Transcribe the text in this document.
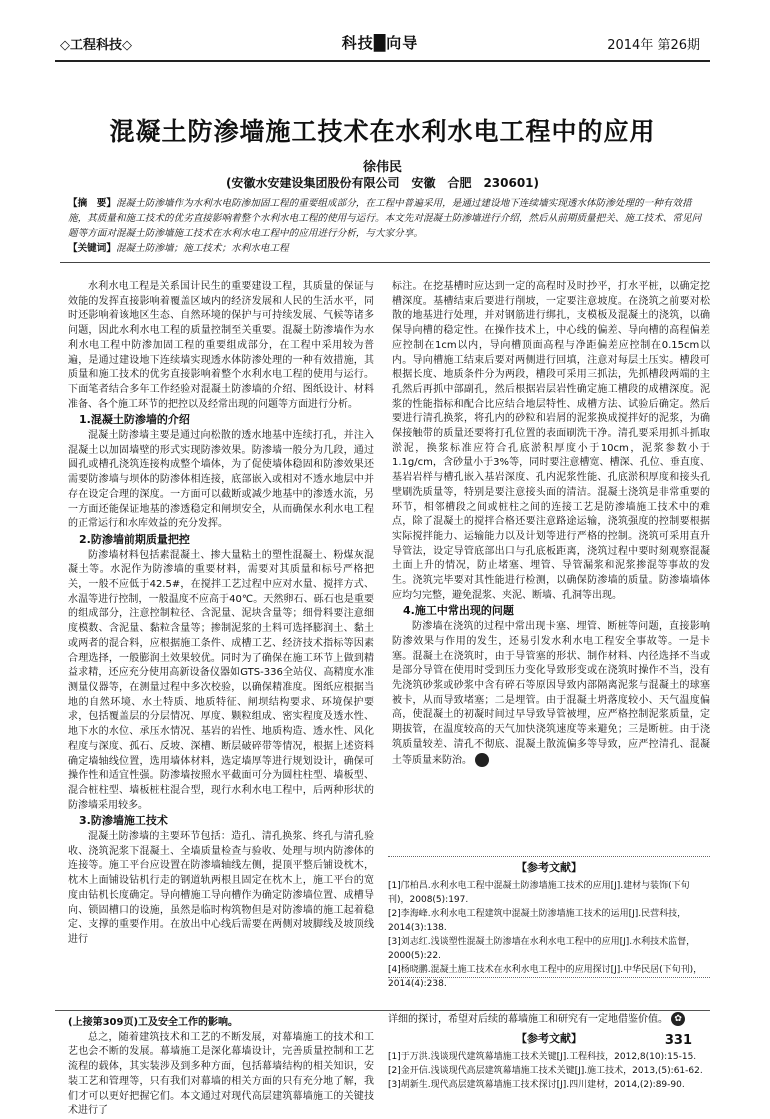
◇工程科技◇	科技█向导	2014年 第26期
混凝土防渗墙施工技术在水利水电工程中的应用
徐伟民
(安徽水安建设集团股份有限公司　安徽　合肥　230601)
【摘　要】混凝土防渗墙作为水利水电防渗加固工程的重要组成部分，在工程中普遍采用，是通过建设地下连续墙实现透水体防渗处理的一种有效措施，其质量和施工技术的优劣直接影响着整个水利水电工程的使用与运行。本文先对混凝土防渗墙进行介绍，然后从前期质量把关、施工技术、常见问题等方面对混凝土防渗墙施工技术在水利水电工程中的应用进行分析，与大家分享。
【关键词】混凝土防渗墙；施工技术；水利水电工程

水利水电工程是关系国计民生的重要建设工程，其质量的保证与效能的发挥直接影响着覆盖区域内的经济发展和人民的生活水平，同时还影响着该地区生态、自然环境的保护与可持续发展、气候等诸多问题，因此水利水电工程的质量控制至关重要。混凝土防渗墙作为水利水电工程中防渗加固工程的重要组成部分，在工程中采用较为普遍，是通过建设地下连续墙实现透水体防渗处理的一种有效措施，其质量和施工技术的优劣直接影响着整个水利水电工程的使用与运行。下面笔者结合多年工作经验对混凝土防渗墙的介绍、图纸设计、材料准备、各个施工环节的把控以及经常出现的问题等方面进行分析。

1.混凝土防渗墙的介绍

混凝土防渗墙主要是通过向松散的透水地基中连续打孔，并注入混凝土以加固墙壁的形式实现防渗效果。防渗墙一般分为几段，通过圆孔或槽孔浇筑连接构成整个墙体，为了促使墙体稳固和防渗效果还需要防渗墙与坝体的防渗体相连接，底部嵌入或相对不透水地层中并存在设定合理的深度。一方面可以截断或减少地基中的渗透水流，另一方面还能保证地基的渗透稳定和闸坝安全，从而确保水利水电工程的正常运行和水库效益的充分发挥。

2.防渗墙前期质量把控

防渗墙材料包括素混凝土、掺大量粘土的塑性混凝土、粉煤灰混凝土等。水泥作为防渗墙的重要材料，需要对其质量和标号严格把关，一般不应低于42.5#，在搅拌工艺过程中应对水量、搅拌方式、水温等进行控制，一般温度不应高于40℃。天然卵石、砾石也是重要的组成部分，注意控制粒径、含泥量、泥块含量等；细骨料要注意细度模数、含泥量、黏粒含量等；掺制泥浆的土料可选择膨润土、黏土或两者的混合料，应根据施工条件、成槽工艺、经济技术指标等因素合理选择，一般膨润土效果较优。同时为了确保在施工环节上做到精益求精，还应充分使用高新设备仪器如GTS-336全站仪、高精度水准测量仪器等，在测量过程中多次校验，以确保精准度。图纸应根据当地的自然环境、水土特质、地质特征、闸坝结构要求、环境保护要求，包括覆盖层的分层情况、厚度、颗粒组成、密实程度及透水性、地下水的水位、承压水情况、基岩的岩性、地质构造、透水性、风化程度与深度、孤石、反坡、深槽、断层破碎带等情况，根据上述资料确定墙轴线位置，选用墙体材料，选定墙厚等进行规划设计，确保可操作性和适宜性强。防渗墙按照水平截面可分为圆柱柱型、墙板型、混合桩柱型、墙板桩柱混合型，现行水利水电工程中，后两种形状的防渗墙采用较多。

3.防渗墙施工技术

混凝土防渗墙的主要环节包括：造孔、清孔换浆、终孔与清孔验收、浇筑泥浆下混凝土、全墙质量检查与验收、处理与坝内防渗体的连接等。施工平台应设置在防渗墙轴线左侧，提顶平整后铺设枕木，枕木上面铺设钻机行走的钢道轨两根且固定在枕木上，施工平台的宽度由钻机长度确定。导向槽施工导向槽作为确定防渗墙位置、成槽导向、锁固槽口的设施，虽然是临时构筑物但是对防渗墙的施工起着稳定、支撑的重要作用。在放出中心线后需要在两侧对坡脚线及坡顶线进行

标注。在挖基槽时应达到一定的高程时及时抄平，打水平桩，以确定挖槽深度。基槽结束后要进行削坡，一定要注意坡度。在浇筑之前要对松散的地基进行处理，并对钢筋进行绑扎，支模板及混凝土的浇筑，以确保导向槽的稳定性。在操作技术上，中心线的偏差、导向槽的高程偏差应控制在1cm以内，导向槽顶面高程与净距偏差应控制在0.15cm以内。导向槽施工结束后要对两侧进行回填，注意对每层土压实。槽段可根据长度、地质条件分为两段，槽段可采用三抓法，先抓槽段两端的主孔然后再抓中部副孔，然后根据岩层岩性确定施工槽段的成槽深度。泥浆的性能指标和配合比应结合地层特性、成槽方法、试验后确定。然后要进行清孔换浆，将孔内的砂粒和岩屑的泥浆换成搅拌好的泥浆，为确保接触带的质量还要将打孔位置的表面刷洗干净。清孔要采用抓斗抓取淤泥，换浆标准应符合孔底淤积厚度小于10cm，泥浆参数小于1.1g/cm，含砂量小于3%等，同时要注意槽宽、槽深、孔位、垂直度、基岩岩样与槽孔嵌入基岩深度、孔内泥浆性能、孔底淤积厚度和接头孔壁刷洗质量等，特别是要注意接头面的清洁。混凝土浇筑是非常重要的环节，相邻槽段之间或桩柱之间的连接工艺是防渗墙施工技术中的难点，除了混凝土的搅拌合格还要注意路途运输，浇筑强度的控制要根据实际搅拌能力、运输能力以及计划等进行严格的控制。浇筑可采用直升导管法，设定导管底部出口与孔底板距离，浇筑过程中要时刻观察混凝土面上升的情况，防止堵塞、埋管、导管漏浆和泥浆掺混等事故的发生。浇筑完毕要对其性能进行检测，以确保防渗墙的质量。防渗墙墙体应均匀完整，避免混浆、夹泥、断墙、孔洞等出现。

4.施工中常出现的问题

防渗墙在浇筑的过程中常出现卡塞、埋管、断桩等问题，直接影响防渗效果与作用的发生，还易引发水利水电工程安全事故等。一是卡塞。混凝土在浇筑时，由于导管塞的形状、制作材料、内径选择不当或是部分导管在使用时受到压力变化导致形变或在浇筑时操作不当，没有先浇筑砂浆或砂浆中含有碎石等原因导致内部隔离泥浆与混凝土的球塞被卡，从而导致堵塞；二是埋管。由于混凝土坍落度较小、天气温度偏高，使混凝土的初凝时间过早导致导管被埋，应严格控制泥浆质量，定期拔管，在温度较高的天气加快浇筑速度等来避免；三是断桩。由于浇筑质量较差、清孔不彻底、混凝土散流偏多等导致，应严控清孔、混凝土等质量来防治。	✿

【参考文献】
[1]邝柏昌.水利水电工程中混凝土防渗墙施工技术的应用[J].建材与装饰(下旬刊)，2008(5):197.
[2]李海峰.水利水电工程建筑中混凝土防渗墙施工技术的运用[J].民营科技，2014(3):138.
[3]刘志红.浅谈塑性混凝土防渗墙在水利水电工程中的应用[J].水利技术监督，2000(5):22.
[4]杨晓鹏.混凝土施工技术在水利水电工程中的应用探讨[J].中华民居(下旬刊)，2014(4):238.

(上接第309页)工及安全工作的影响。

总之，随着建筑技术和工艺的不断发展，对幕墙施工的技术和工艺也会不断的发展。幕墙施工是深化幕墙设计，完善质量控制和工艺流程的载体，其实装涉及到多种方面，包括幕墙结构的相关知识，安装工艺和管理等，只有我们对幕墙的相关方面的只有充分地了解，我们才可以更好把握它们。本文通过对现代高层建筑幕墙施工的关键技术进行了

详细的探讨，希望对后续的幕墙施工和研究有一定地借鉴价值。 ✿

【参考文献】
[1]于万洪.浅谈现代建筑幕墙施工技术关键[J].工程科技，2012,8(10):15-15.
[2]金开信.浅谈现代高层建筑幕墙施工技术关键[J].施工技术，2013,(5):61-62.
[3]胡新生.现代高层建筑幕墙施工技术探讨[J].四川建材，2014,(2):89-90.
331
